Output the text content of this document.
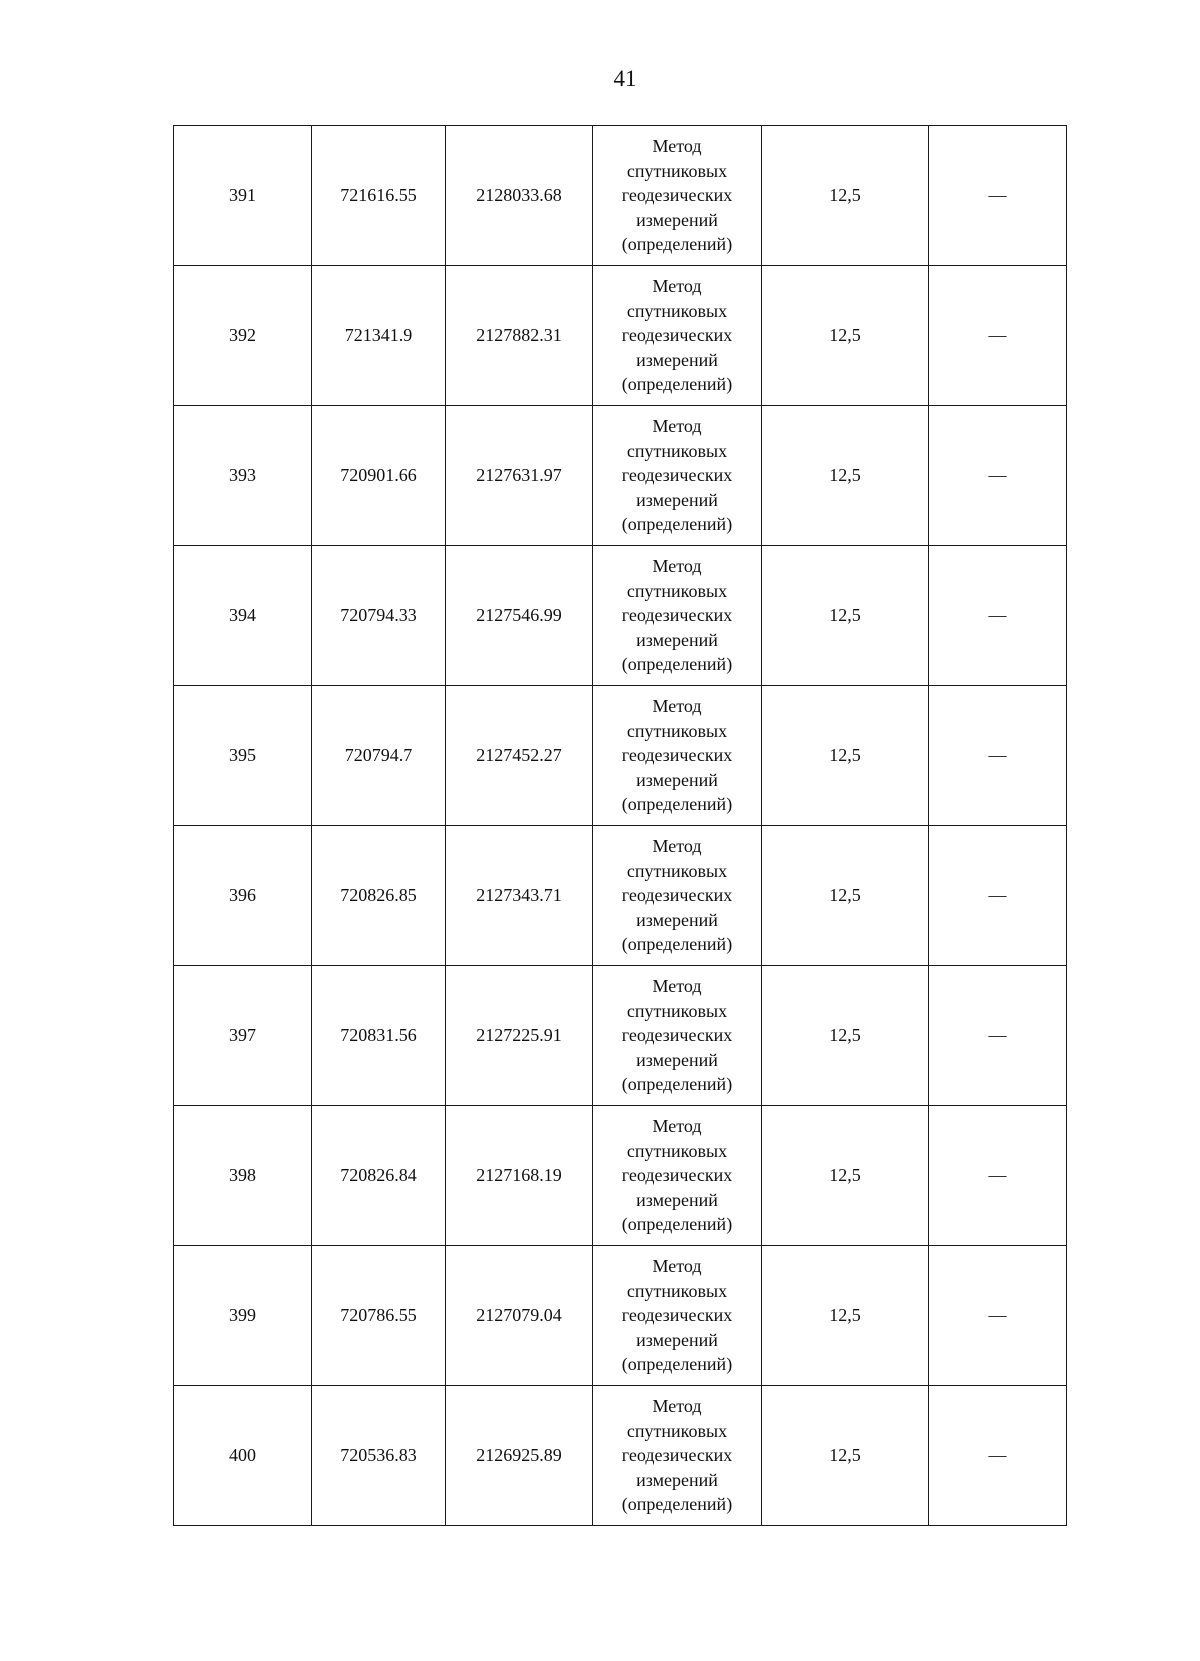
41
391	721616.55	2128033.68	Метод
спутниковых
геодезических
измерений
(определений)	12,5	—
392	721341.9	2127882.31	Метод
спутниковых
геодезических
измерений
(определений)	12,5	—
393	720901.66	2127631.97	Метод
спутниковых
геодезических
измерений
(определений)	12,5	—
394	720794.33	2127546.99	Метод
спутниковых
геодезических
измерений
(определений)	12,5	—
395	720794.7	2127452.27	Метод
спутниковых
геодезических
измерений
(определений)	12,5	—
396	720826.85	2127343.71	Метод
спутниковых
геодезических
измерений
(определений)	12,5	—
397	720831.56	2127225.91	Метод
спутниковых
геодезических
измерений
(определений)	12,5	—
398	720826.84	2127168.19	Метод
спутниковых
геодезических
измерений
(определений)	12,5	—
399	720786.55	2127079.04	Метод
спутниковых
геодезических
измерений
(определений)	12,5	—
400	720536.83	2126925.89	Метод
спутниковых
геодезических
измерений
(определений)	12,5	—
